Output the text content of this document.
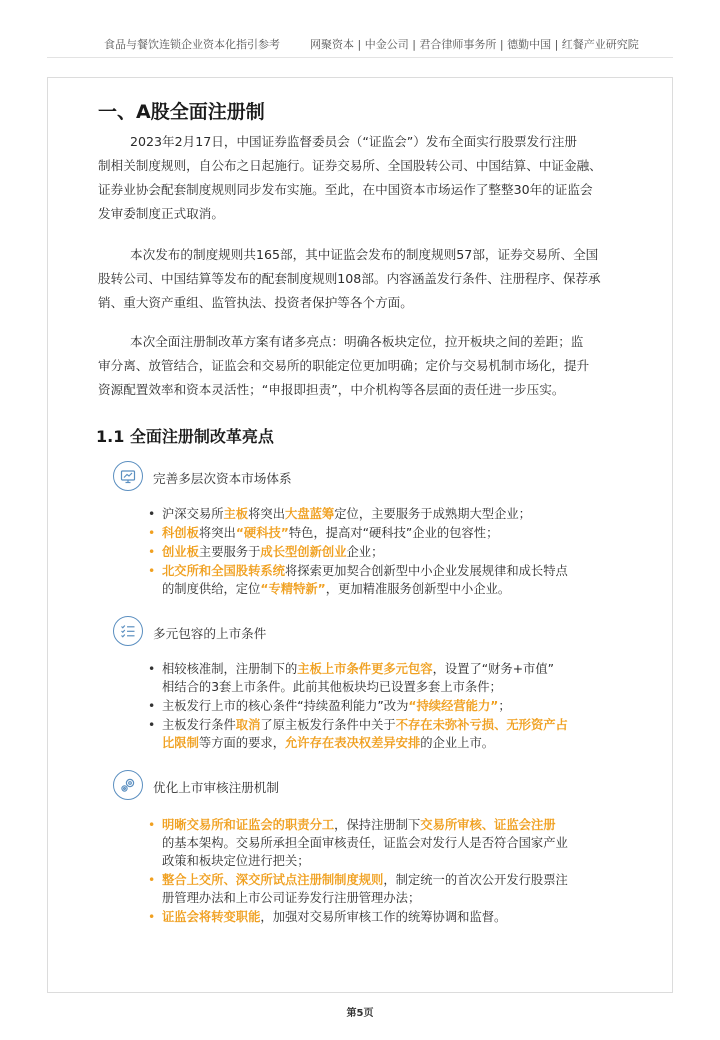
食品与餐饮连锁企业资本化指引参考	网聚资本 | 中金公司 | 君合律师事务所 | 德勤中国 | 红餐产业研究院
一、A股全面注册制
2023年2月17日，中国证券监督委员会（“证监会”）发布全面实行股票发行注册
制相关制度规则，自公布之日起施行。证券交易所、全国股转公司、中国结算、中证金融、
证券业协会配套制度规则同步发布实施。至此，在中国资本市场运作了整整30年的证监会
发审委制度正式取消。
本次发布的制度规则共165部，其中证监会发布的制度规则57部，证券交易所、全国
股转公司、中国结算等发布的配套制度规则108部。内容涵盖发行条件、注册程序、保荐承
销、重大资产重组、监管执法、投资者保护等各个方面。
本次全面注册制改革方案有诸多亮点：明确各板块定位，拉开板块之间的差距；监
审分离、放管结合，证监会和交易所的职能定位更加明确；定价与交易机制市场化，提升
资源配置效率和资本灵活性；“申报即担责”，中介机构等各层面的责任进一步压实。
1.1 全面注册制改革亮点
完善多层次资本市场体系
• 沪深交易所主板将突出大盘蓝筹定位，主要服务于成熟期大型企业；
• 科创板将突出“硬科技”特色，提高对“硬科技”企业的包容性；
• 创业板主要服务于成长型创新创业企业；
• 北交所和全国股转系统将探索更加契合创新型中小企业发展规律和成长特点
的制度供给，定位“专精特新”，更加精准服务创新型中小企业。
多元包容的上市条件
• 相较核准制，注册制下的主板上市条件更多元包容，设置了“财务+市值”
相结合的3套上市条件。此前其他板块均已设置多套上市条件；
• 主板发行上市的核心条件“持续盈利能力”改为“持续经营能力”；
• 主板发行条件取消了原主板发行条件中关于不存在未弥补亏损、无形资产占
比限制等方面的要求，允许存在表决权差异安排的企业上市。
优化上市审核注册机制
• 明晰交易所和证监会的职责分工，保持注册制下交易所审核、证监会注册
的基本架构。交易所承担全面审核责任，证监会对发行人是否符合国家产业
政策和板块定位进行把关；
• 整合上交所、深交所试点注册制制度规则，制定统一的首次公开发行股票注
册管理办法和上市公司证券发行注册管理办法；
• 证监会将转变职能，加强对交易所审核工作的统筹协调和监督。
第5页
